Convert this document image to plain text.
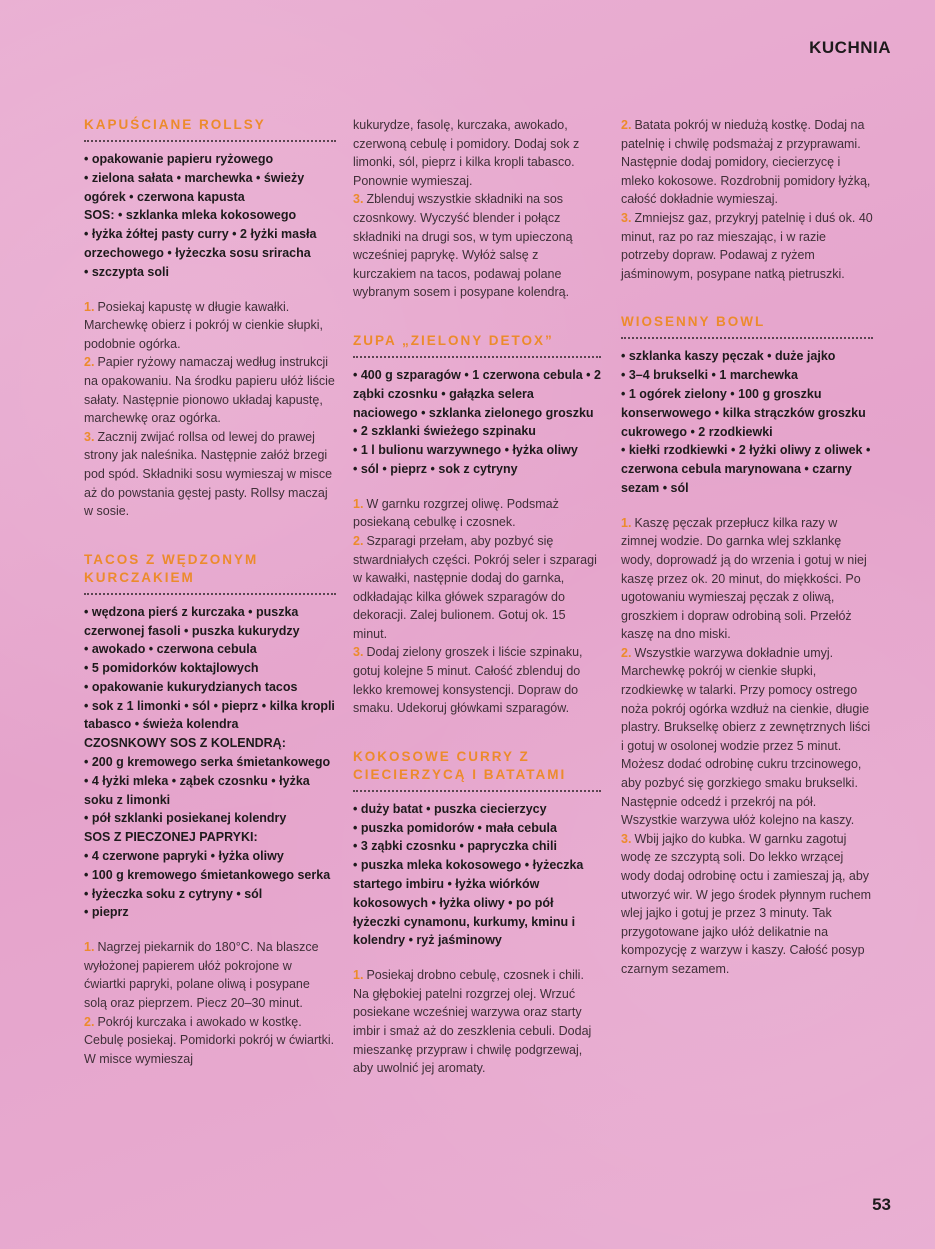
KUCHNIA
KAPUŚCIANE ROLLSY

• opakowanie papieru ryżowego

• zielona sałata • marchewka • świeży ogórek • czerwona kapusta

SOS: • szklanka mleka kokosowego

• łyżka żółtej pasty curry • 2 łyżki masła orzechowego • łyżeczka sosu sriracha

• szczypta soli

1. Posiekaj kapustę w długie kawałki. Marchewkę obierz i pokrój w cienkie słupki, podobnie ogórka.

2. Papier ryżowy namaczaj według instrukcji na opakowaniu. Na środku papieru ułóż liście sałaty. Następnie pionowo układaj kapustę, marchewkę oraz ogórka.

3. Zacznij zwijać rollsa od lewej do prawej strony jak naleśnika. Następnie załóż brzegi pod spód. Składniki sosu wymieszaj w misce aż do powstania gęstej pasty. Rollsy maczaj w sosie.

TACOS Z WĘDZONYM KURCZAKIEM

• wędzona pierś z kurczaka • puszka czerwonej fasoli • puszka kukurydzy

• awokado • czerwona cebula

• 5 pomidorków koktajlowych

• opakowanie kukurydzianych tacos

• sok z 1 limonki • sól • pieprz • kilka kropli tabasco • świeża kolendra

CZOSNKOWY SOS Z KOLENDRĄ:

• 200 g kremowego serka śmietankowego • 4 łyżki mleka • ząbek czosnku • łyżka soku z limonki

• pół szklanki posiekanej kolendry

SOS Z PIECZONEJ PAPRYKI:

• 4 czerwone papryki • łyżka oliwy

• 100 g kremowego śmietankowego serka • łyżeczka soku z cytryny • sól

• pieprz

1. Nagrzej piekarnik do 180°C. Na blaszce wyłożonej papierem ułóż pokrojone w ćwiartki papryki, polane oliwą i posypane solą oraz pieprzem. Piecz 20–30 minut.

2. Pokrój kurczaka i awokado w kostkę. Cebulę posiekaj. Pomidorki pokrój w ćwiartki. W misce wymieszaj

kukurydze, fasolę, kurczaka, awokado, czerwoną cebulę i pomidory. Dodaj sok z limonki, sól, pieprz i kilka kropli tabasco. Ponownie wymieszaj.

3. Zblenduj wszystkie składniki na sos czosnkowy. Wyczyść blender i połącz składniki na drugi sos, w tym upieczoną wcześniej paprykę. Wyłóż salsę z kurczakiem na tacos, podawaj polane wybranym sosem i posypane kolendrą.

ZUPA „ZIELONY DETOX”

• 400 g szparagów • 1 czerwona cebula • 2 ząbki czosnku • gałązka selera naciowego • szklanka zielonego groszku • 2 szklanki świeżego szpinaku

• 1 l bulionu warzywnego • łyżka oliwy

• sól • pieprz • sok z cytryny

1. W garnku rozgrzej oliwę. Podsmaż posiekaną cebulkę i czosnek.

2. Szparagi przełam, aby pozbyć się stwardniałych części. Pokrój seler i szparagi w kawałki, następnie dodaj do garnka, odkładając kilka główek szparagów do dekoracji. Zalej bulionem. Gotuj ok. 15 minut.

3. Dodaj zielony groszek i liście szpinaku, gotuj kolejne 5 minut. Całość zblenduj do lekko kremowej konsystencji. Dopraw do smaku. Udekoruj główkami szparagów.

KOKOSOWE CURRY Z CIECIERZYCĄ I BATATAMI

• duży batat • puszka ciecierzycy

• puszka pomidorów • mała cebula

• 3 ząbki czosnku • papryczka chili

• puszka mleka kokosowego • łyżeczka startego imbiru • łyżka wiórków kokosowych • łyżka oliwy • po pół łyżeczki cynamonu, kurkumy, kminu i kolendry • ryż jaśminowy

1. Posiekaj drobno cebulę, czosnek i chili. Na głębokiej patelni rozgrzej olej. Wrzuć posiekane wcześniej warzywa oraz starty imbir i smaż aż do zeszklenia cebuli. Dodaj mieszankę przypraw i chwilę podgrzewaj, aby uwolnić jej aromaty.

2. Batata pokrój w niedużą kostkę. Dodaj na patelnię i chwilę podsmażaj z przyprawami. Następnie dodaj pomidory, ciecierzycę i mleko kokosowe. Rozdrobnij pomidory łyżką, całość dokładnie wymieszaj.

3. Zmniejsz gaz, przykryj patelnię i duś ok. 40 minut, raz po raz mieszając, i w razie potrzeby dopraw. Podawaj z ryżem jaśminowym, posypane natką pietruszki.

WIOSENNY BOWL

• szklanka kaszy pęczak • duże jajko

• 3–4 brukselki • 1 marchewka

• 1 ogórek zielony • 100 g groszku konserwowego • kilka strączków groszku cukrowego • 2 rzodkiewki

• kiełki rzodkiewki • 2 łyżki oliwy z oliwek • czerwona cebula marynowana • czarny sezam • sól

1. Kaszę pęczak przepłucz kilka razy w zimnej wodzie. Do garnka wlej szklankę wody, doprowadź ją do wrzenia i gotuj w niej kaszę przez ok. 20 minut, do miękkości. Po ugotowaniu wymieszaj pęczak z oliwą, groszkiem i dopraw odrobiną soli. Przełóż kaszę na dno miski.

2. Wszystkie warzywa dokładnie umyj. Marchewkę pokrój w cienkie słupki, rzodkiewkę w talarki. Przy pomocy ostrego noża pokrój ogórka wzdłuż na cienkie, długie plastry. Brukselkę obierz z zewnętrznych liści i gotuj w osolonej wodzie przez 5 minut. Możesz dodać odrobinę cukru trzcinowego, aby pozbyć się gorzkiego smaku brukselki. Następnie odcedź i przekrój na pół. Wszystkie warzywa ułóż kolejno na kaszy.

3. Wbij jajko do kubka. W garnku zagotuj wodę ze szczyptą soli. Do lekko wrzącej wody dodaj odrobinę octu i zamieszaj ją, aby utworzyć wir. W jego środek płynnym ruchem wlej jajko i gotuj je przez 3 minuty. Tak przygotowane jajko ułóż delikatnie na kompozycję z warzyw i kaszy. Całość posyp czarnym sezamem.

53
